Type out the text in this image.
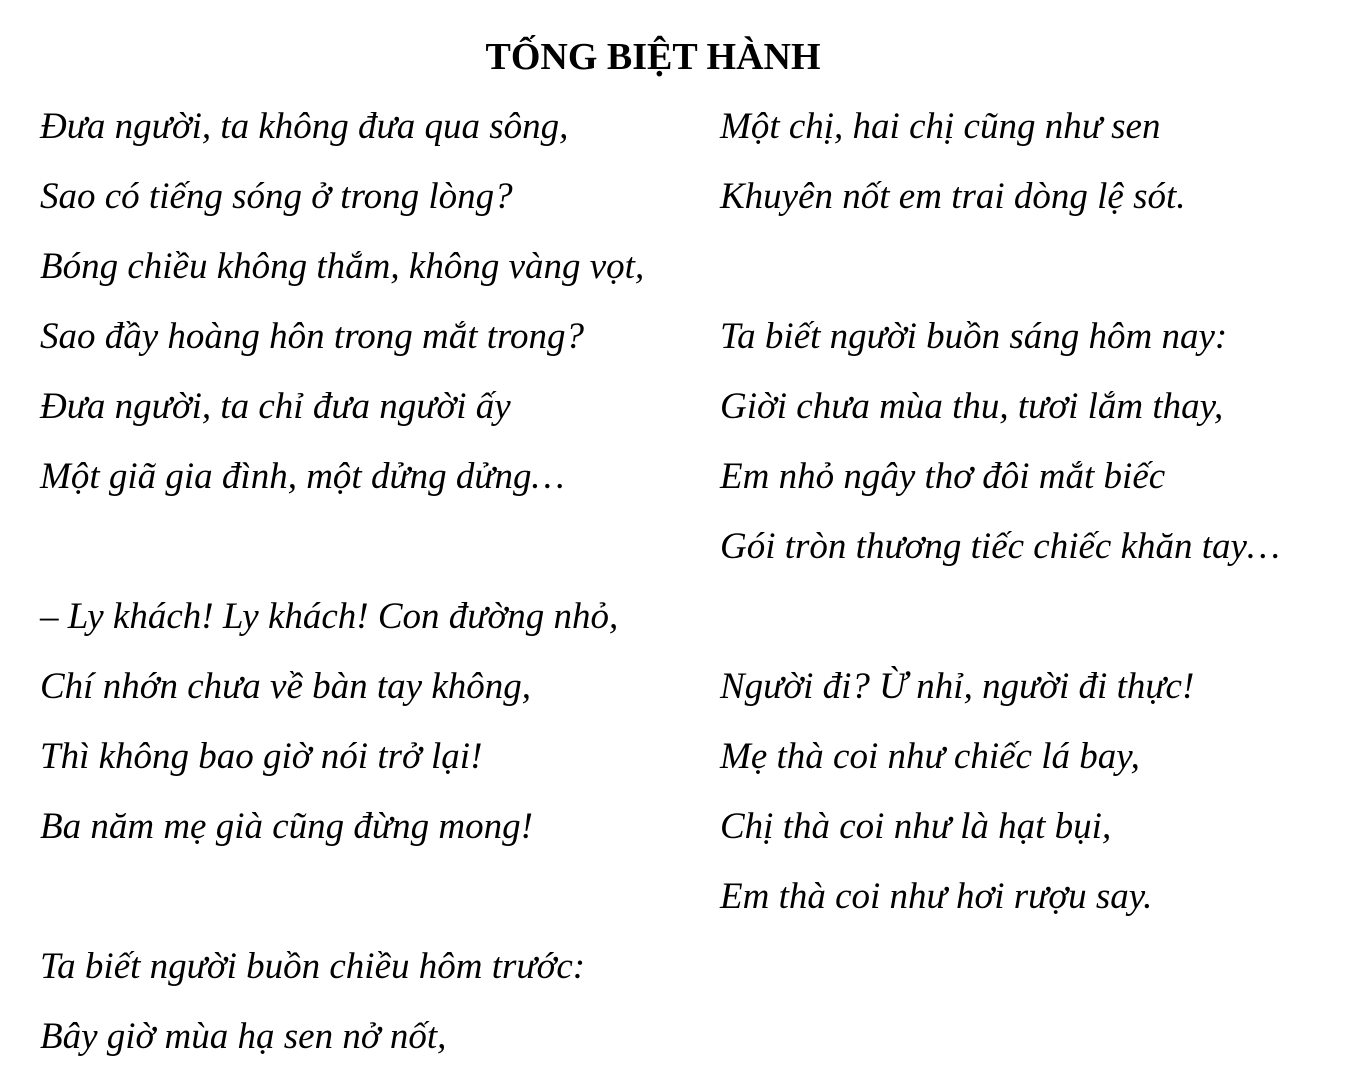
TỐNG BIỆT HÀNH
Đưa người, ta không đưa qua sông,
Sao có tiếng sóng ở trong lòng?
Bóng chiều không thắm, không vàng vọt,
Sao đầy hoàng hôn trong mắt trong?
Đưa người, ta chỉ đưa người ấy
Một giã gia đình, một dửng dửng…
– Ly khách! Ly khách! Con đường nhỏ,
Chí nhớn chưa về bàn tay không,
Thì không bao giờ nói trở lại!
Ba năm mẹ già cũng đừng mong!
Ta biết người buồn chiều hôm trước:
Bây giờ mùa hạ sen nở nốt,
Một chị, hai chị cũng như sen
Khuyên nốt em trai dòng lệ sót.
Ta biết người buồn sáng hôm nay:
Giời chưa mùa thu, tươi lắm thay,
Em nhỏ ngây thơ đôi mắt biếc
Gói tròn thương tiếc chiếc khăn tay…
Người đi? Ừ nhỉ, người đi thực!
Mẹ thà coi như chiếc lá bay,
Chị thà coi như là hạt bụi,
Em thà coi như hơi rượu say.
